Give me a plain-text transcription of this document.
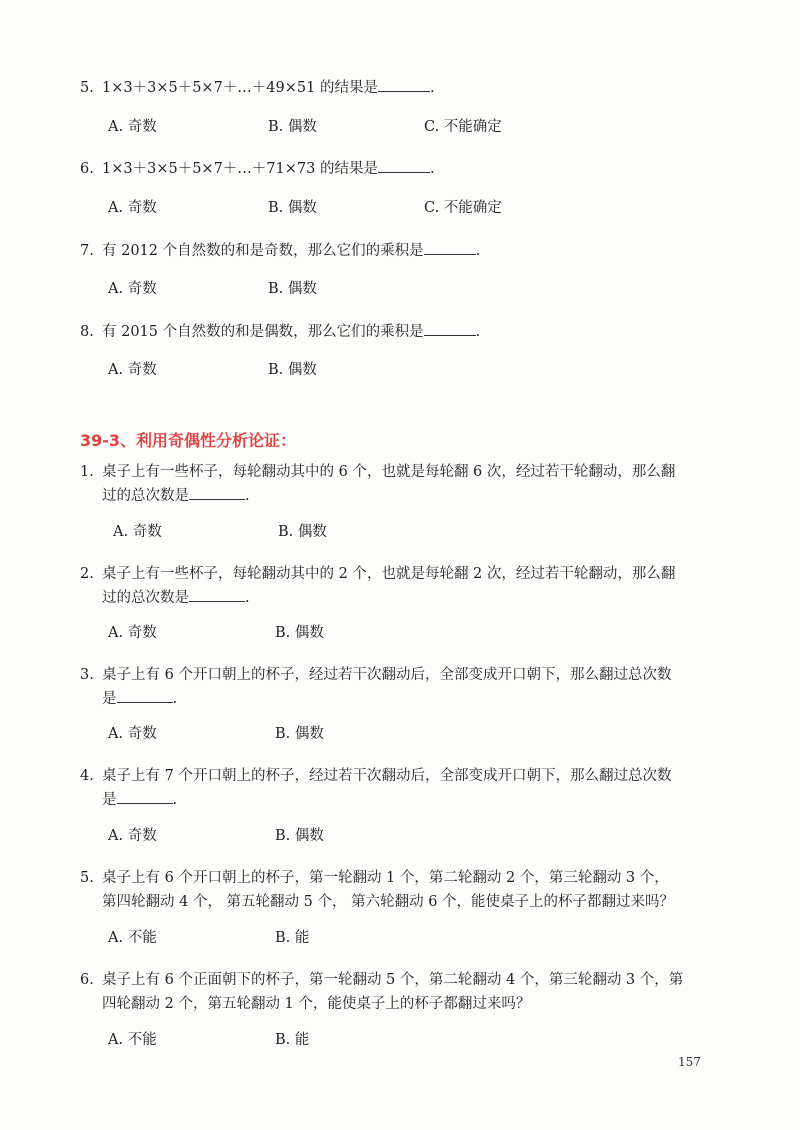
5. 1×3＋3×5＋5×7＋…＋49×51 的结果是	.
A. 奇数	B. 偶数	C. 不能确定
6. 1×3＋3×5＋5×7＋…＋71×73 的结果是	.
A. 奇数	B. 偶数	C. 不能确定
7. 有 2012 个自然数的和是奇数，那么它们的乘积是	.
A. 奇数	B. 偶数
8. 有 2015 个自然数的和是偶数，那么它们的乘积是	.
A. 奇数	B. 偶数
39-3、利用奇偶性分析论证：
1. 桌子上有一些杯子，每轮翻动其中的 6 个，也就是每轮翻 6 次，经过若干轮翻动，那么翻
过的总次数是	.
A. 奇数	B. 偶数
2. 桌子上有一些杯子，每轮翻动其中的 2 个，也就是每轮翻 2 次，经过若干轮翻动，那么翻
过的总次数是	.
A. 奇数	B. 偶数
3. 桌子上有 6 个开口朝上的杯子，经过若干次翻动后，全部变成开口朝下，那么翻过总次数
是	.
A. 奇数	B. 偶数
4. 桌子上有 7 个开口朝上的杯子，经过若干次翻动后，全部变成开口朝下，那么翻过总次数
是	.
A. 奇数	B. 偶数
5. 桌子上有 6 个开口朝上的杯子，第一轮翻动 1 个，第二轮翻动 2 个，第三轮翻动 3 个，
第四轮翻动 4 个， 第五轮翻动 5 个， 第六轮翻动 6 个，能使桌子上的杯子都翻过来吗？
A. 不能	B. 能
6. 桌子上有 6 个正面朝下的杯子，第一轮翻动 5 个，第二轮翻动 4 个，第三轮翻动 3 个，第
四轮翻动 2 个，第五轮翻动 1 个，能使桌子上的杯子都翻过来吗？
A. 不能	B. 能
157
